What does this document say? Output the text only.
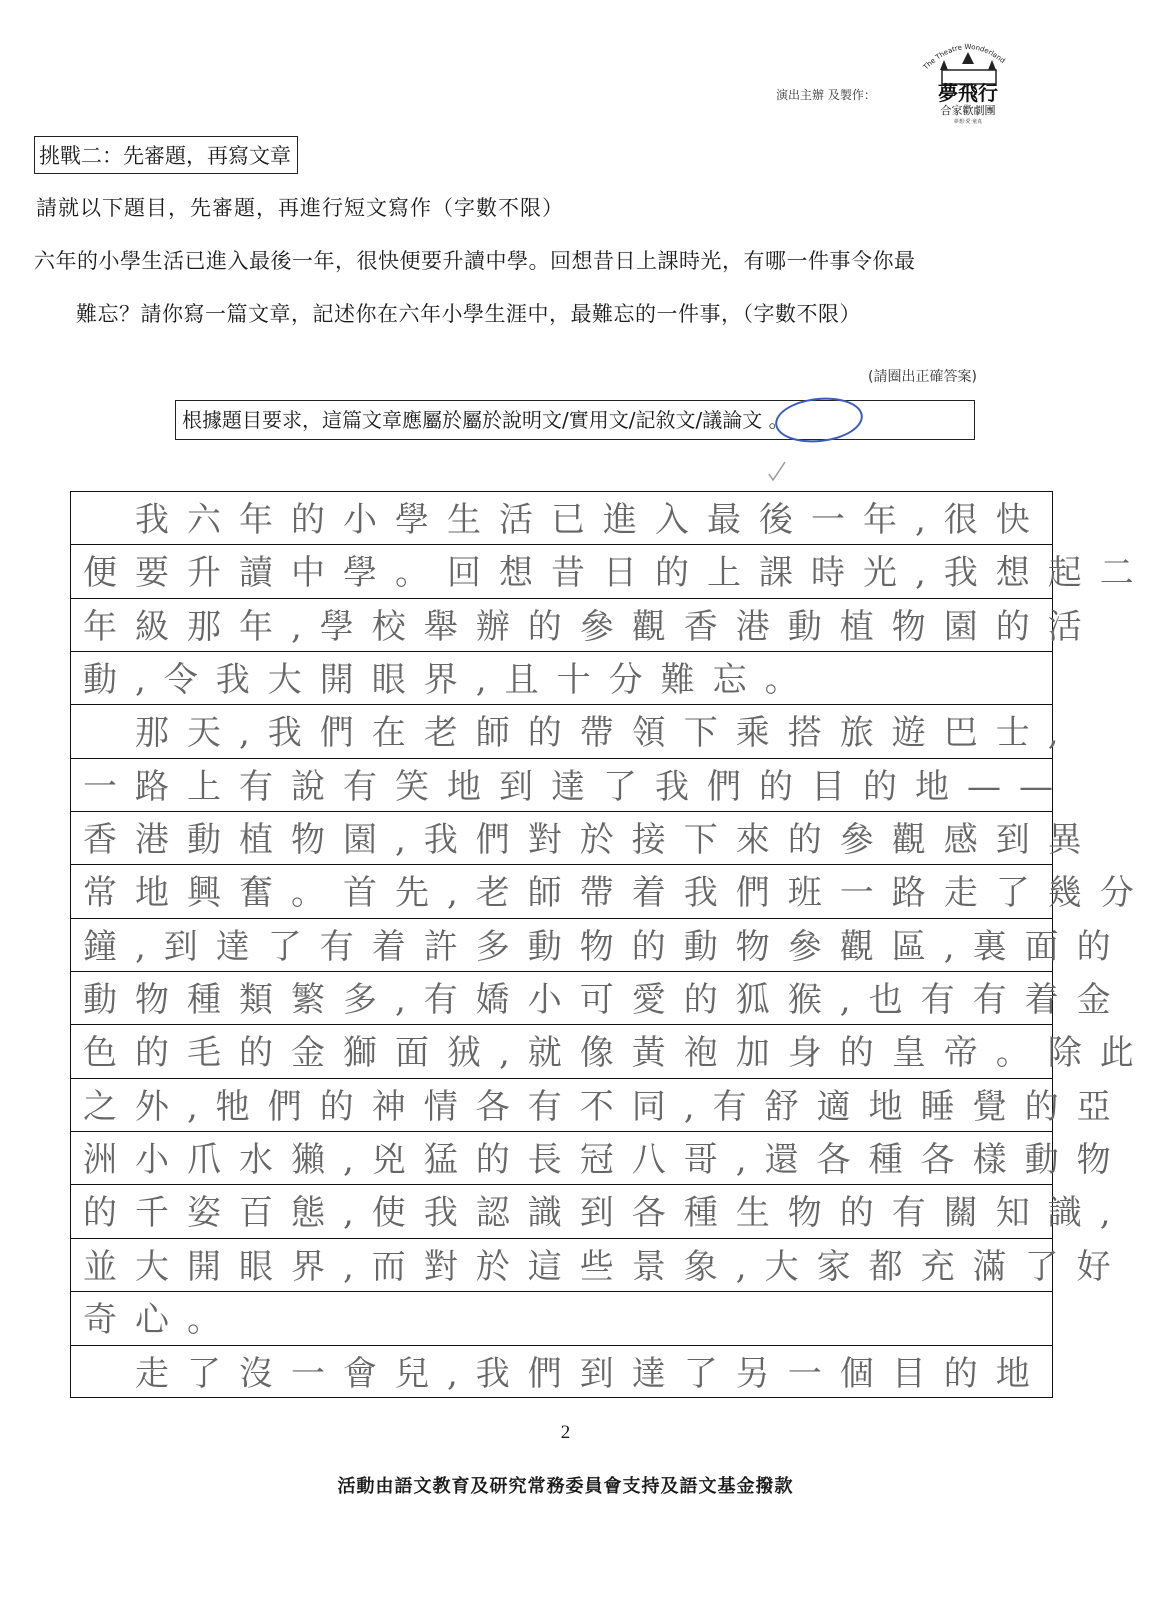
演出主辦 及製作：
The Theatre Wonderland
夢飛行
合家歡劇團
夢想‧愛‧童真
挑戰二：先審題，再寫文章
請就以下題目，先審題，再進行短文寫作（字數不限）
六年的小學生活已進入最後一年，很快便要升讀中學。回想昔日上課時光，有哪一件事令你最
難忘？請你寫一篇文章，記述你在六年小學生涯中，最難忘的一件事，（字數不限）
(請圈出正確答案)
根據題目要求，這篇文章應屬於屬於說明文/實用文/記敘文/議論文 。
　我六年的小學生活已進入最後一年,很快
便要升讀中學。回想昔日的上課時光,我想起二
年級那年,學校舉辦的參觀香港動植物園的活
動,令我大開眼界,且十分難忘。
　那天,我們在老師的帶領下乘搭旅遊巴士,
一路上有說有笑地到達了我們的目的地——
香港動植物園,我們對於接下來的參觀感到異
常地興奮。首先,老師帶着我們班一路走了幾分
鐘,到達了有着許多動物的動物參觀區,裏面的
動物種類繁多,有嬌小可愛的狐猴,也有有着金
色的毛的金獅面狨,就像黃袍加身的皇帝。除此
之外,牠們的神情各有不同,有舒適地睡覺的亞
洲小爪水獺,兇猛的長冠八哥,還各種各樣動物
的千姿百態,使我認識到各種生物的有關知識,
並大開眼界,而對於這些景象,大家都充滿了好
奇心。
　走了沒一會兒,我們到達了另一個目的地
2
活動由語文教育及研究常務委員會支持及語文基金撥款
